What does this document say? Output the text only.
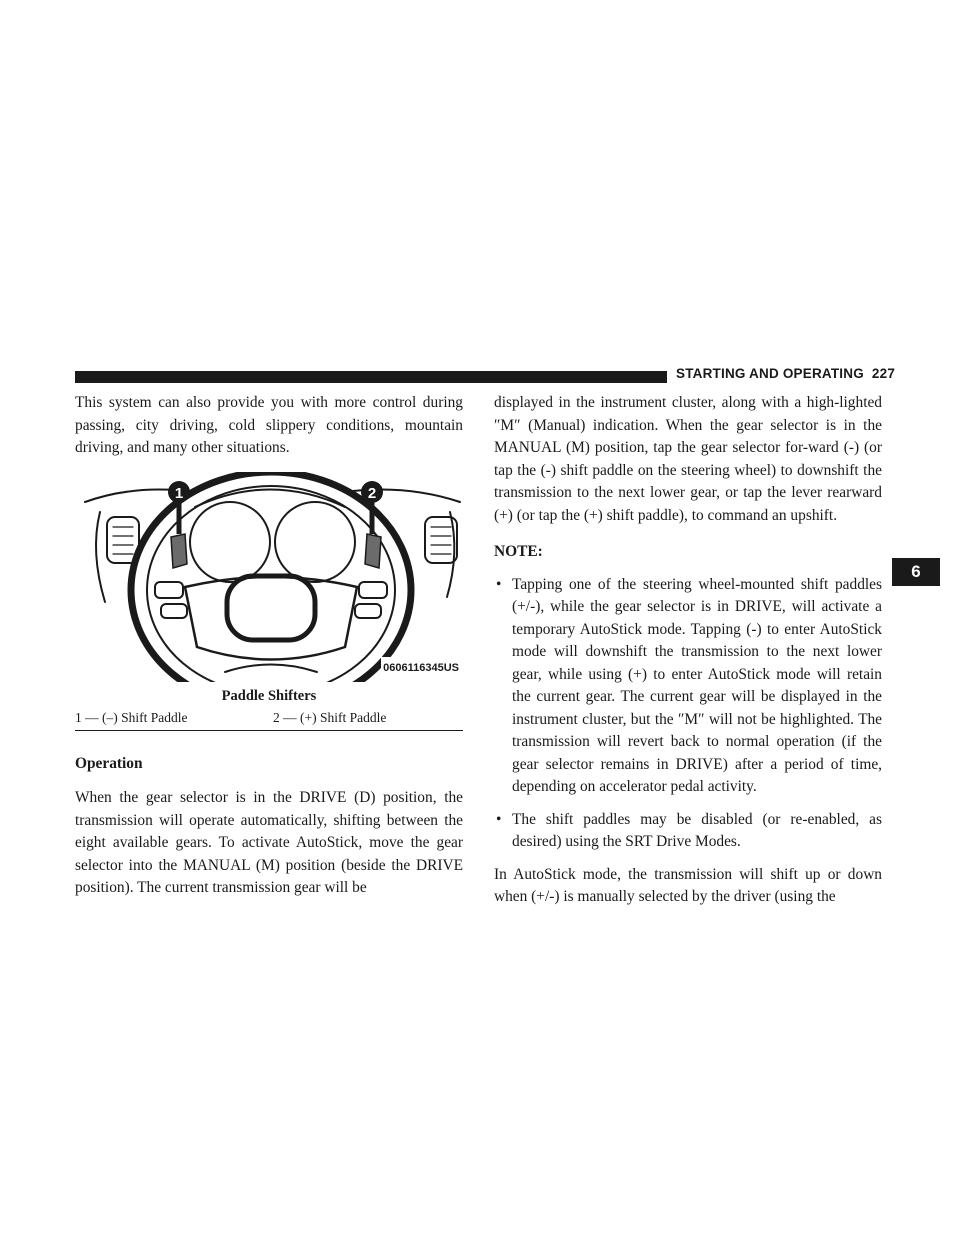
STARTING AND OPERATING 227
6

This system can also provide you with more control during passing, city driving, cold slippery conditions, mountain driving, and many other situations.

1	2
0606116345US
Paddle Shifters
1 — (–) Shift Paddle	2 — (+) Shift Paddle
Operation

When the gear selector is in the DRIVE (D) position, the transmission will operate automatically, shifting between the eight available gears. To activate AutoStick, move the gear selector into the MANUAL (M) position (beside the DRIVE position). The current transmission gear will be

displayed in the instrument cluster, along with a high-lighted ″M″ (Manual) indication. When the gear selector is in the MANUAL (M) position, tap the gear selector for-ward (-) (or tap the (-) shift paddle on the steering wheel) to downshift the transmission to the next lower gear, or tap the lever rearward (+) (or tap the (+) shift paddle), to command an upshift.

NOTE:
• Tapping one of the steering wheel-mounted shift paddles (+/-), while the gear selector is in DRIVE, will activate a temporary AutoStick mode. Tapping (-) to enter AutoStick mode will downshift the transmission to the next lower gear, while using (+) to enter AutoStick mode will retain the current gear. The current gear will be displayed in the instrument cluster, but the ″M″ will not be highlighted. The transmission will revert back to normal operation (if the gear selector remains in DRIVE) after a period of time, depending on accelerator pedal activity.
• The shift paddles may be disabled (or re-enabled, as desired) using the SRT Drive Modes.

In AutoStick mode, the transmission will shift up or down when (+/-) is manually selected by the driver (using the
